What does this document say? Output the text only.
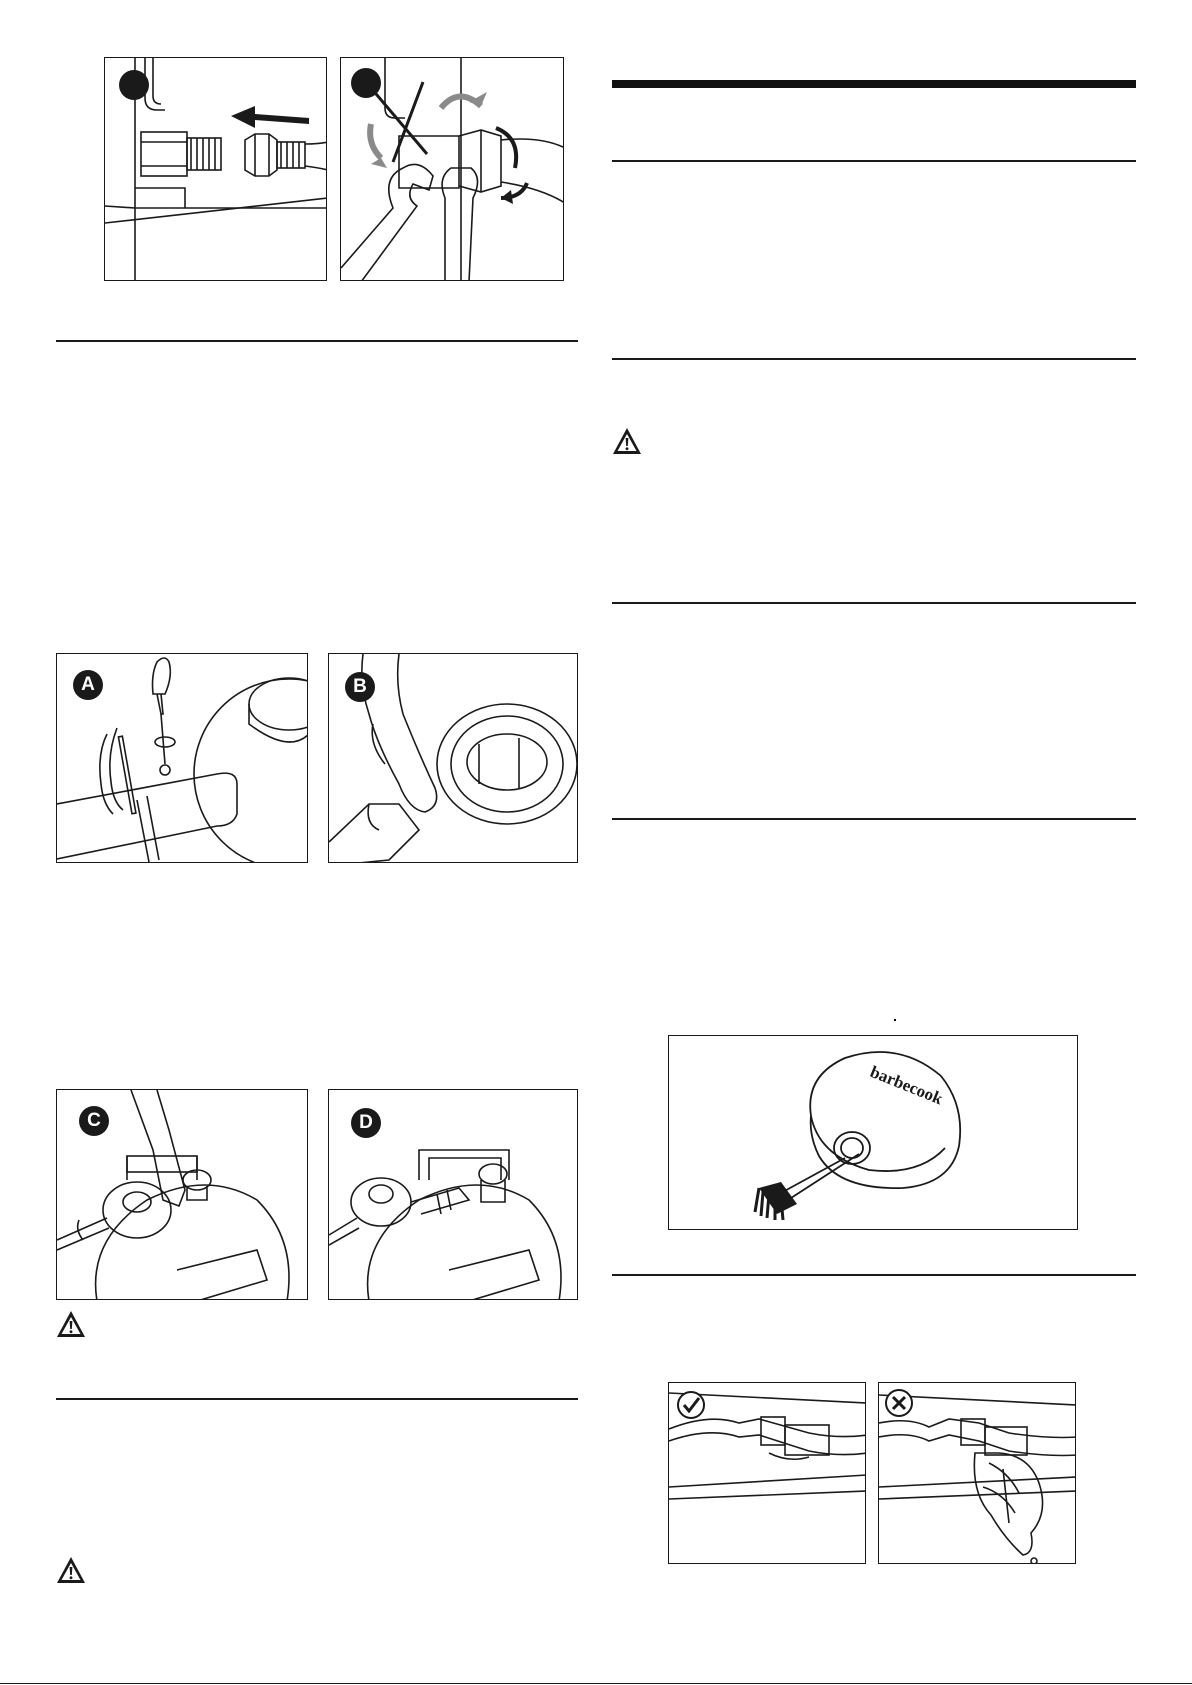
A	B
C	D
barbecook
